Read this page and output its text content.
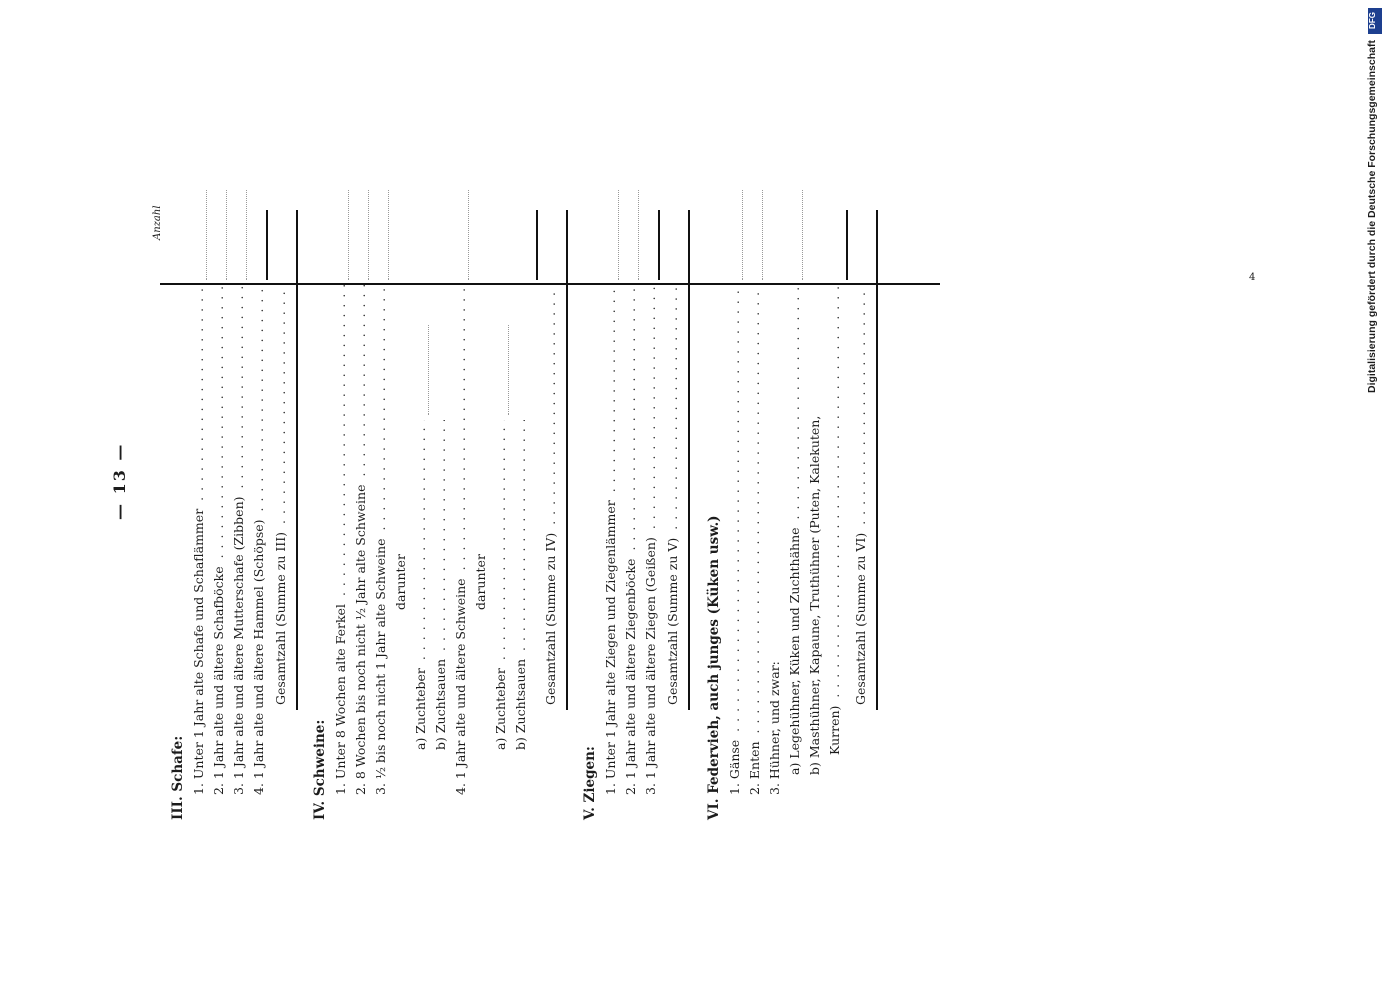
— 13 —
Anzahl
III. Schafe: 1. Unter 1 Jahr alte Schafe und Schaflämmer . . . 2. 1 Jahr alte und ältere Schafböcke . . . 3. 1 Jahr alte und ältere Mutterschafe (Zibben) . . . 4. 1 Jahr alte und ältere Hammel (Schöpse) . . . Gesamtzahl (Summe zu III) . . .
IV. Schweine: 1. Unter 8 Wochen alte Ferkel . . . 2. 8 Wochen bis noch nicht ½ Jahr alte Schweine . . . 3. ½ bis noch nicht 1 Jahr alte Schweine . . . darunter
a) Zuchteber . . . b) Zuchtsauen . . . 4. 1 Jahr alte und ältere Schweine . . . darunter
a) Zuchteber . . . b) Zuchtsauen . . . Gesamtzahl (Summe zu IV) . . .
V. Ziegen: 1. Unter 1 Jahr alte Ziegen und Ziegenlämmer . . . 2. 1 Jahr alte und ältere Ziegenböcke . . . 3. 1 Jahr alte und ältere Ziegen (Geißen) . . . Gesamtzahl (Summe zu V) . . . VI. Federvieh, auch junges (Küken usw.) 1. Gänse . . . 2. Enten . . . 3. Hühner, und zwar: a) Legehühner, Küken und Zuchthähne . . . b) Masthühner, Kapaune, Truthühner (Puten, Kalekuten, Kurren) . . .
Gesamtzahl (Summe zu VI) . . .
4
DFG
Digitalisierung gefördert durch die Deutsche Forschungsgemeinschaft
